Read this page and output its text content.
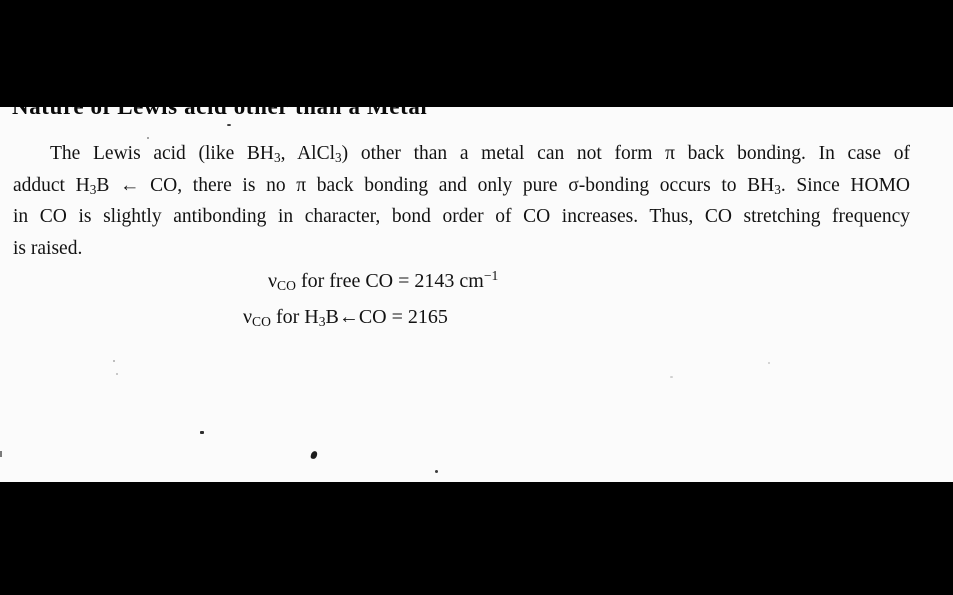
The Lewis acid (like $BH_3$, AlCl$_3$) other than a metal can not form π back bonding. In case of
adduct $H_3B$ ← CO, there is no π back bonding and only pure σ-bonding occurs to $BH_3$. Since HOMO
in CO is slightly antibonding in character, bond order of CO increases. Thus, CO stretching frequency
is raised.
$\nu_{CO}$ for free CO = 2143 $cm^{-1}$
$\nu_{CO}$ for $H_3B\leftarrow CO = 2165$
